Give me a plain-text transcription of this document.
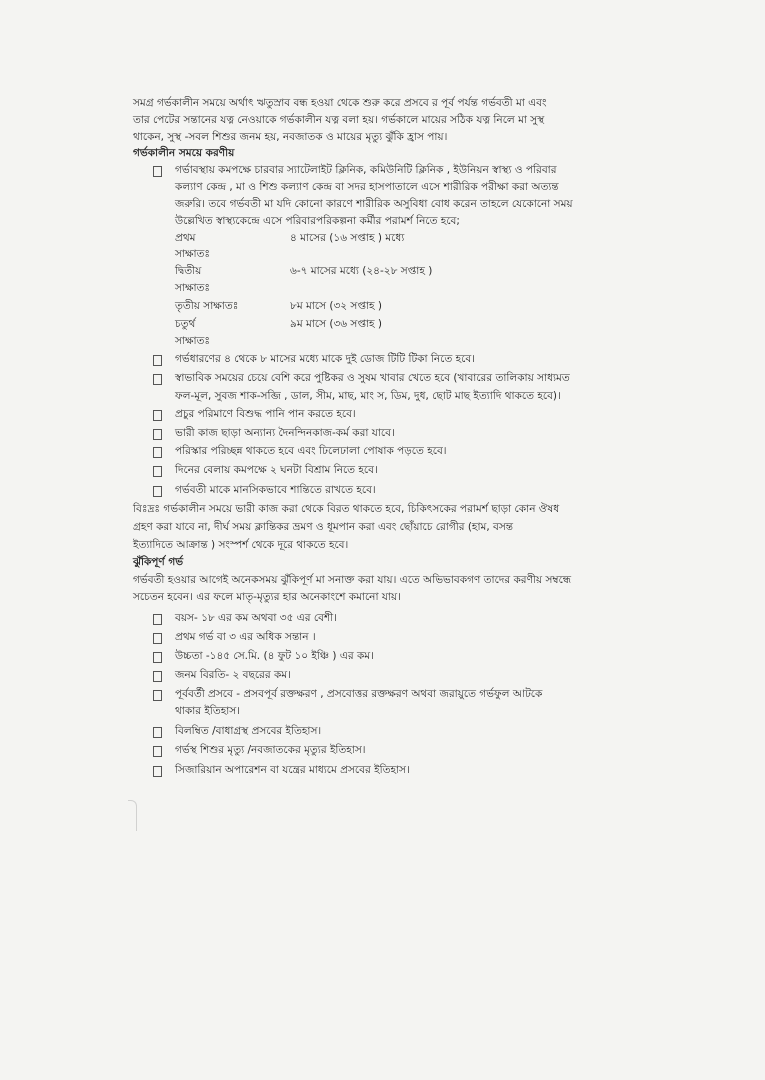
সমগ্র গর্ভকালীন সময়ে অর্থাৎ ঋতুস্রাব বন্ধ হওয়া থেকে শুরু করে প্রসবে র পূর্ব পর্যন্ত গর্ভবতী মা এবং
তার পেটের সন্তানের যত্ন নেওয়াকে গর্ভকালীন যত্ন বলা হয়। গর্ভকালে মায়ের সঠিক যত্ন নিলে মা সুস্থ
থাকেন, সুস্থ -সবল শিশুর জনম হয়, নবজাতক ও মায়ের মৃত্যু ঝুঁকি হ্রাস পায়।
গর্ভকালীন সময়ে করণীয়
গর্ভাবস্থায় কমপক্ষে চারবার স্যাটেলাইট ক্লিনিক, কমিউনিটি ক্লিনিক , ইউনিয়ন স্বাস্থ্য ও পরিবার
কল্যাণ কেন্দ্র , মা ও শিশু কল্যাণ কেন্দ্র বা সদর হাসপাতালে এসে শারীরিক পরীক্ষা করা অত্যন্ত
জরুরি। তবে গর্ভবতী মা যদি কোনো কারণে শারীরিক অসুবিধা বোধ করেন তাহলে যেকোনো সময়
উল্লেখিত স্বাস্থ্যকেন্দ্রে এসে পরিবারপরিকল্পনা কর্মীর পরামর্শ নিতে হবে;
প্রথম	৪ মাসের (১৬ সপ্তাহ ) মধ্যে
সাক্ষাতঃ
দ্বিতীয়	৬-৭ মাসের মধ্যে (২৪-২৮ সপ্তাহ )
সাক্ষাতঃ
তৃতীয় সাক্ষাতঃ	৮ম মাসে (৩২ সপ্তাহ )
চতুর্থ	৯ম মাসে (৩৬ সপ্তাহ )
সাক্ষাতঃ
গর্ভধারণের ৪ থেকে ৮ মাসের মধ্যে মাকে দুই ডোজ টিটি টিকা নিতে হবে।
স্বাভাবিক সময়ের চেয়ে বেশি করে পুষ্টিকর ও সুষম খাবার খেতে হবে (খাবারের তালিকায় সাধ্যমত
ফল-মূল, সুবজ শাক-সব্জি , ডাল, সীম, মাছ, মাং স, ডিম, দুধ, ছোট মাছ ইত্যাদি থাকতে হবে)।
প্রচুর পরিমাণে বিশুদ্ধ পানি পান করতে হবে।
ভারী কাজ ছাড়া অন্যান্য দৈনন্দিনকাজ-কর্ম করা যাবে।
পরিস্কার পরিচ্ছন্ন থাকতে হবে এবং ঢিলেঢালা পোষাক পড়তে হবে।
দিনের বেলায় কমপক্ষে ২ ঘনটা বিশ্রাম নিতে হবে।
গর্ভবতী মাকে মানসিকভাবে শান্তিতে রাখতে হবে।
বিঃদ্রঃ গর্ভকালীন সময়ে ভারী কাজ করা থেকে বিরত থাকতে হবে, চিকিৎসকের পরামর্শ ছাড়া কোন ঔষধ
গ্রহণ করা যাবে না, দীর্ঘ সময় ক্লান্তিকর ভ্রমণ ও ধূমপান করা এবং ছোঁয়াচে রোগীর (হাম, বসন্ত
ইত্যাদিতে আক্রান্ত ) সংস্পর্শ থেকে দূরে থাকতে হবে।
ঝুঁকিপূর্ণ গর্ভ
গর্ভবতী হওয়ার আগেই অনেকসময় ঝুঁকিপূর্ণ মা সনাক্ত করা যায়। এতে অভিভাবকগণ তাদের করণীয় সম্বন্ধে
সচেতন হবেন। এর ফলে মাতৃ-মৃত্যুর হার অনেকাংশে কমানো যায়।
বয়স- ১৮ এর কম অথবা ৩৫ এর বেশী।
প্রথম গর্ভ বা ৩ এর অধিক সন্তান ।
উচ্চতা -১৪৫ সে.মি. (৪ ফুট ১০ ইঞ্চি ) এর কম।
জনম বিরতি- ২ বছরের কম।
পূর্ববর্তী প্রসবে - প্রসবপূর্ব রক্তক্ষরণ , প্রসবোত্তর রক্তক্ষরণ অথবা জরায়ুতে গর্ভফুল আটকে
থাকার ইতিহাস।
বিলম্বিত /বাধাগ্রস্থ প্রসবের ইতিহাস।
গর্ভস্থ শিশুর মৃত্যু /নবজাতকের মৃত্যুর ইতিহাস।
সিজারিয়ান অপারেশন বা যন্ত্রের মাধ্যমে প্রসবের ইতিহাস।
